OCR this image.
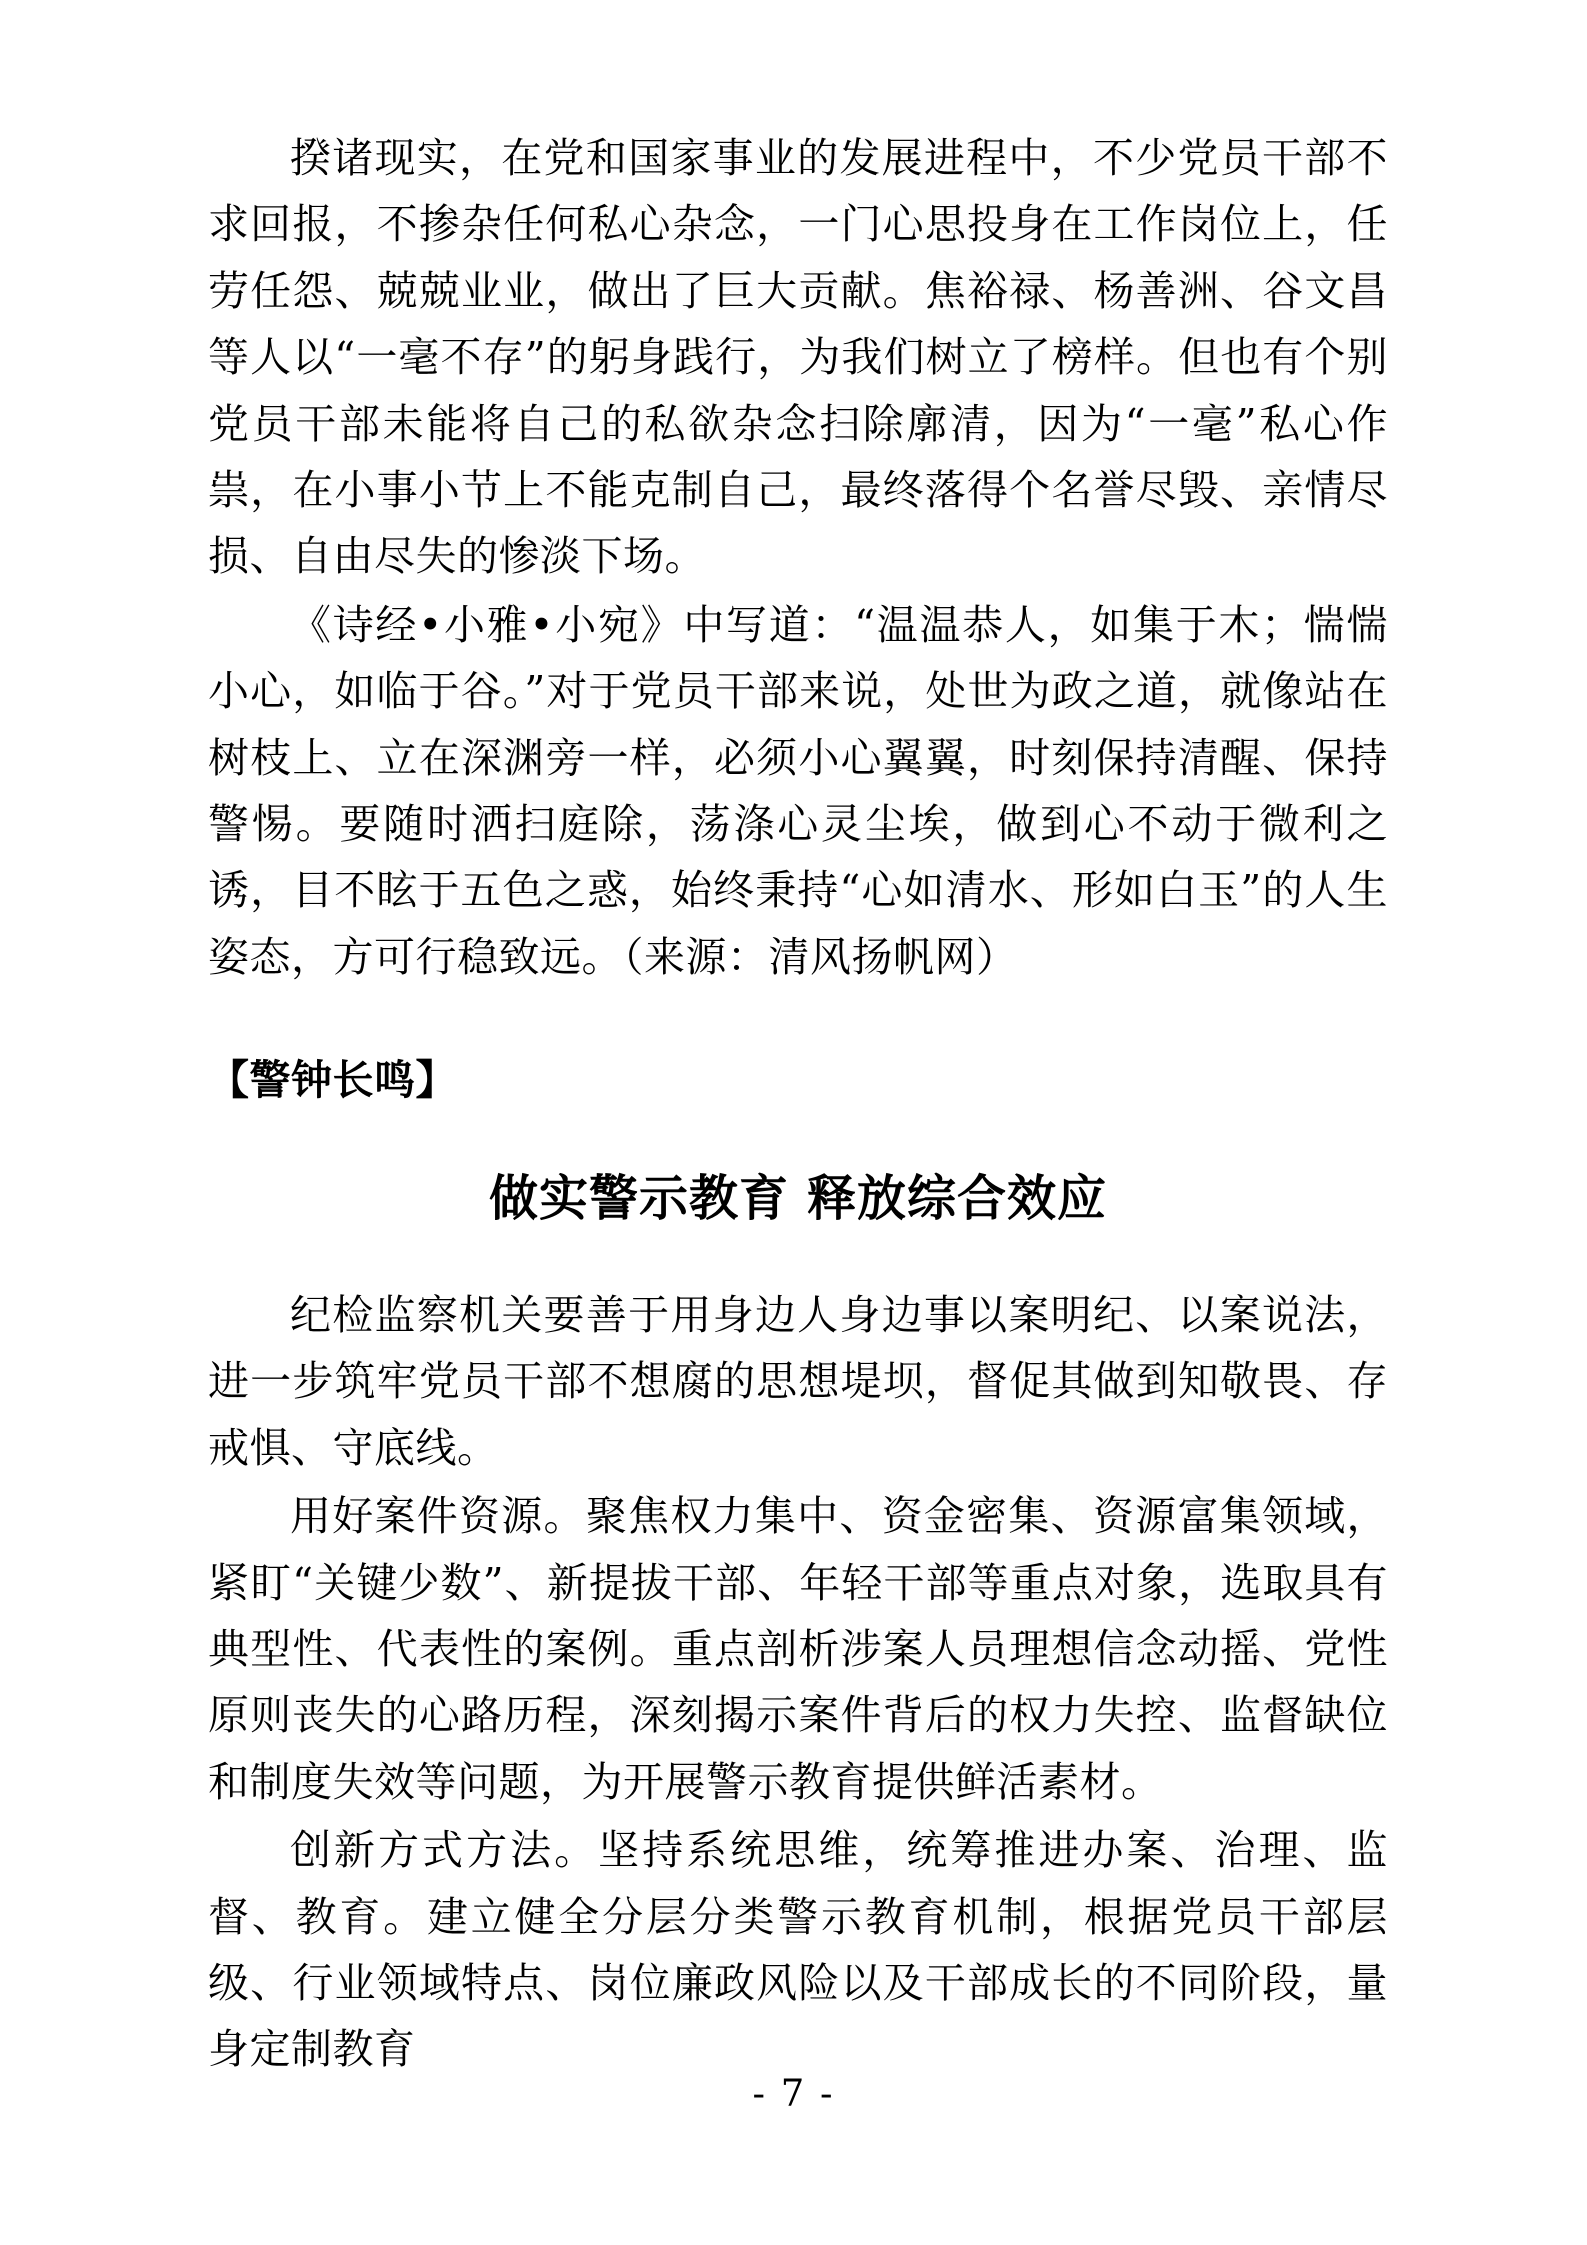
揆诸现实，在党和国家事业的发展进程中，不少党员干部不求回报，不掺杂任何私心杂念，一门心思投身在工作岗位上，任劳任怨、兢兢业业，做出了巨大贡献。焦裕禄、杨善洲、谷文昌等人以“一毫不存”的躬身践行，为我们树立了榜样。但也有个别党员干部未能将自己的私欲杂念扫除廓清，因为“一毫”私心作祟，在小事小节上不能克制自己，最终落得个名誉尽毁、亲情尽损、自由尽失的惨淡下场。

《诗经•小雅•小宛》中写道：“温温恭人，如集于木；惴惴小心，如临于谷。”对于党员干部来说，处世为政之道，就像站在树枝上、立在深渊旁一样，必须小心翼翼，时刻保持清醒、保持警惕。要随时洒扫庭除，荡涤心灵尘埃，做到心不动于微利之诱，目不眩于五色之惑，始终秉持“心如清水、形如白玉”的人生姿态，方可行稳致远。（来源：清风扬帆网）

【警钟长鸣】
做实警示教育 释放综合效应

纪检监察机关要善于用身边人身边事以案明纪、以案说法，进一步筑牢党员干部不想腐的思想堤坝，督促其做到知敬畏、存戒惧、守底线。

用好案件资源。聚焦权力集中、资金密集、资源富集领域，紧盯“关键少数”、新提拔干部、年轻干部等重点对象，选取具有典型性、代表性的案例。重点剖析涉案人员理想信念动摇、党性原则丧失的心路历程，深刻揭示案件背后的权力失控、监督缺位和制度失效等问题，为开展警示教育提供鲜活素材。

创新方式方法。坚持系统思维，统筹推进办案、治理、监督、教育。建立健全分层分类警示教育机制，根据党员干部层级、行业领域特点、岗位廉政风险以及干部成长的不同阶段，量身定制教育

- 7 -
